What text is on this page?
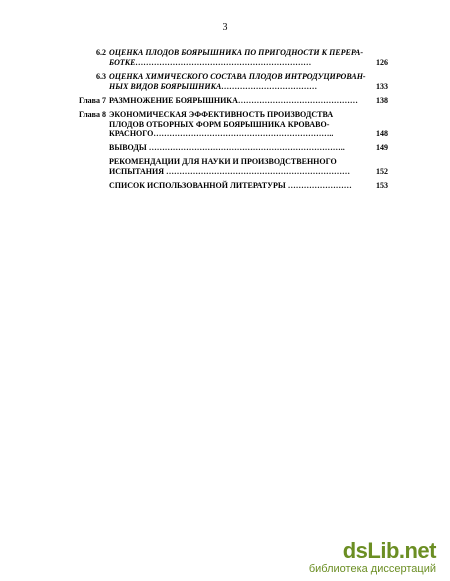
3
6.2 ОЦЕНКА ПЛОДОВ БОЯРЫШНИКА ПО ПРИГОДНОСТИ К ПЕРЕРА-
БОТКЕ…………………………………………………………	126
6.3 ОЦЕНКА ХИМИЧЕСКОГО СОСТАВА ПЛОДОВ ИНТРОДУЦИРОВАН-
НЫХ ВИДОВ БОЯРЫШНИКА………………………………	133
Глава 7 РАЗМНОЖЕНИЕ БОЯРЫШНИКА………………………………………	138
Глава 8 ЭКОНОМИЧЕСКАЯ ЭФФЕКТИВНОСТЬ ПРОИЗВОДСТВА
ПЛОДОВ ОТБОРНЫХ ФОРМ БОЯРЫШНИКА КРОВАВО-
КРАСНОГО…………………………………………………………..	148
ВЫВОДЫ ………………………………………………………………..	149
РЕКОМЕНДАЦИИ ДЛЯ НАУКИ И ПРОИЗВОДСТВЕННОГО
ИСПЫТАНИЯ ……………………………………………………………	152
СПИСОК ИСПОЛЬЗОВАННОЙ ЛИТЕРАТУРЫ ……………………	153
dsLib.net
библиотека диссертаций
